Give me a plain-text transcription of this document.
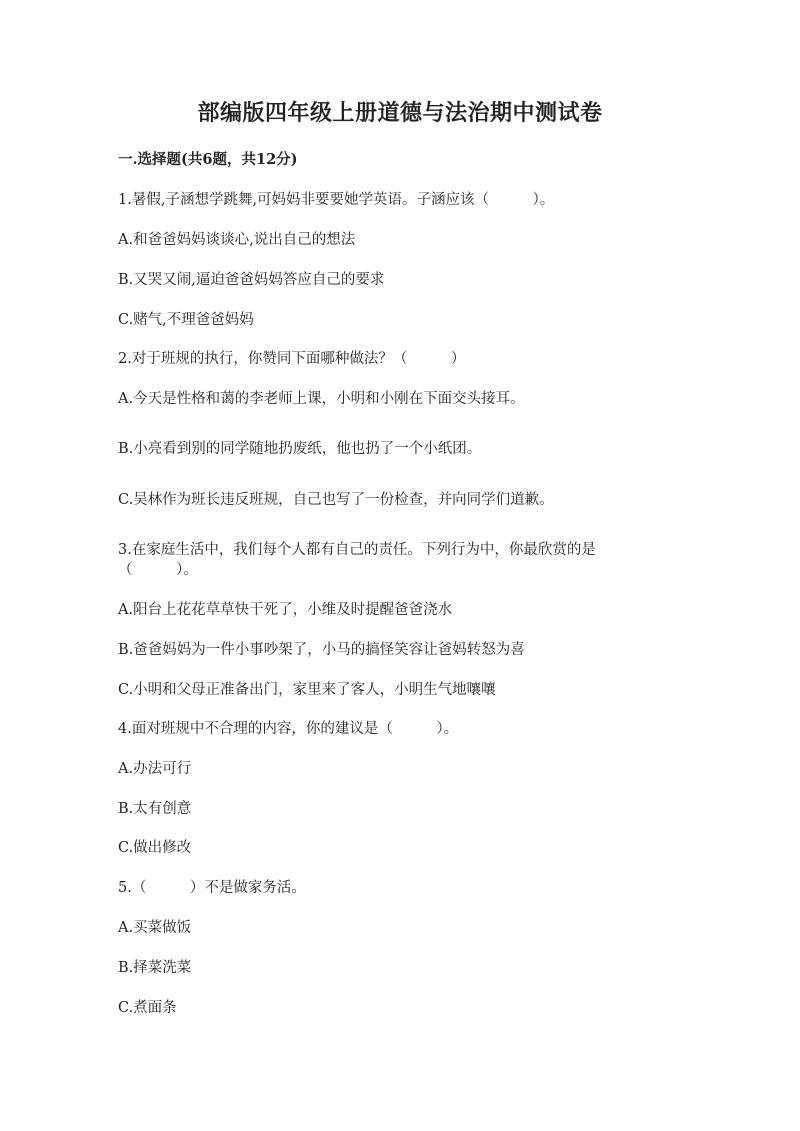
部编版四年级上册道德与法治期中测试卷
一.选择题(共6题，共12分)
1.暑假,子涵想学跳舞,可妈妈非要要她学英语。子涵应该（　　　）。
A.和爸爸妈妈谈谈心,说出自己的想法
B.又哭又闹,逼迫爸爸妈妈答应自己的要求
C.赌气,不理爸爸妈妈
2.对于班规的执行，你赞同下面哪种做法？（　　　）
A.今天是性格和蔼的李老师上课，小明和小刚在下面交头接耳。
B.小亮看到别的同学随地扔废纸，他也扔了一个小纸团。
C.吴林作为班长违反班规，自己也写了一份检查，并向同学们道歉。
3.在家庭生活中，我们每个人都有自己的责任。下列行为中，你最欣赏的是
（　　　）。
A.阳台上花花草草快干死了，小维及时提醒爸爸浇水
B.爸爸妈妈为一件小事吵架了，小马的搞怪笑容让爸妈转怒为喜
C.小明和父母正准备出门，家里来了客人，小明生气地嚷嚷
4.面对班规中不合理的内容，你的建议是（　　　）。
A.办法可行
B.太有创意
C.做出修改
5.（　　　）不是做家务活。
A.买菜做饭
B.择菜洗菜
C.煮面条
